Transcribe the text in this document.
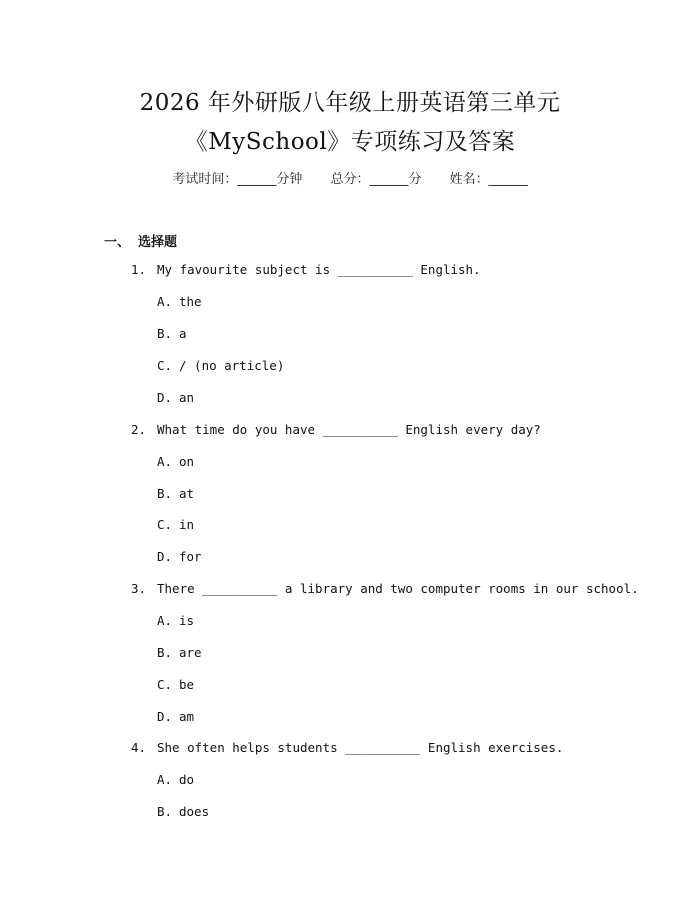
2026 年外研版八年级上册英语第三单元
《MySchool》专项练习及答案
考试时间：______分钟 总分：______分 姓名：______
一、 选择题
1. My favourite subject is __________ English.
A. the
B. a
C. / (no article)
D. an
2. What time do you have __________ English every day?
A. on
B. at
C. in
D. for
3. There __________ a library and two computer rooms in our school.
A. is
B. are
C. be
D. am
4. She often helps students __________ English exercises.
A. do
B. does
